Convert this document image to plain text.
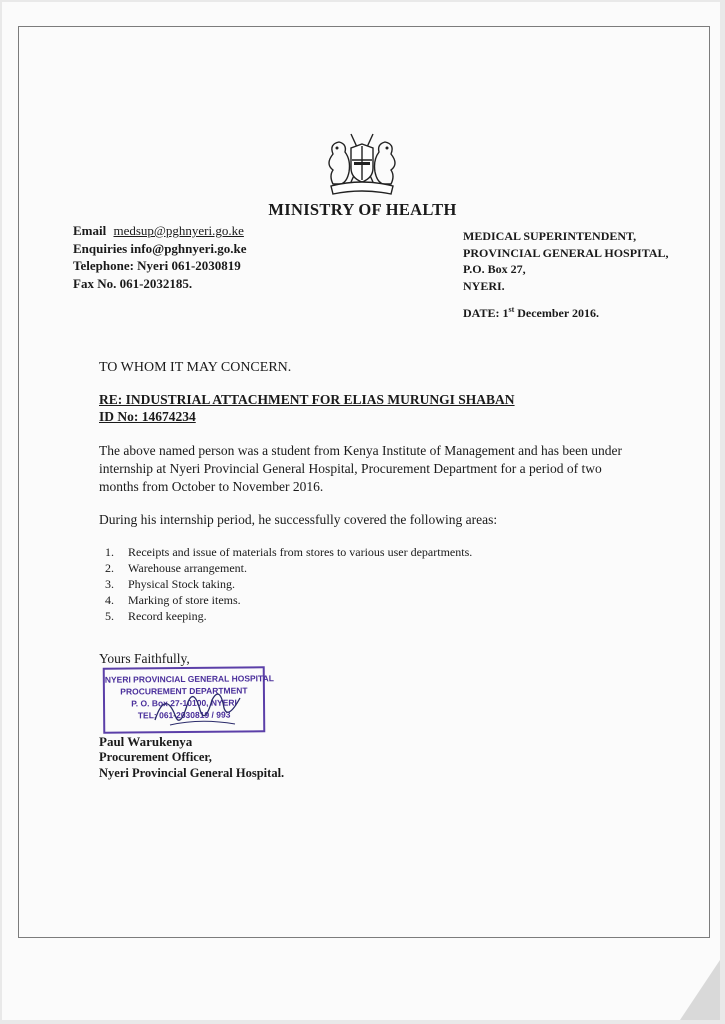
MINISTRY OF HEALTH
Email medsup@pghnyeri.go.ke
Enquiries info@pghnyeri.go.ke
Telephone: Nyeri 061-2030819
Fax No. 061-2032185.
MEDICAL SUPERINTENDENT,
PROVINCIAL GENERAL HOSPITAL,
P.O. Box 27,
NYERI.
DATE: 1st December 2016.
TO WHOM IT MAY CONCERN.
RE: INDUSTRIAL ATTACHMENT FOR ELIAS MURUNGI SHABAN
ID No: 14674234
The above named person was a student from Kenya Institute of Management and has been under internship at Nyeri Provincial General Hospital, Procurement Department for a period of two months from October to November 2016.
During his internship period, he successfully covered the following areas:
1.	Receipts and issue of materials from stores to various user departments.
2.	Warehouse arrangement.
3.	Physical Stock taking.
4.	Marking of store items.
5.	Record keeping.
Yours Faithfully,
NYERI PROVINCIAL GENERAL HOSPITAL
PROCUREMENT DEPARTMENT
P. O. Box 27-10100, NYERI
TEL: 061-2030819 / 993
Paul Warukenya
Procurement Officer,
Nyeri Provincial General Hospital.
